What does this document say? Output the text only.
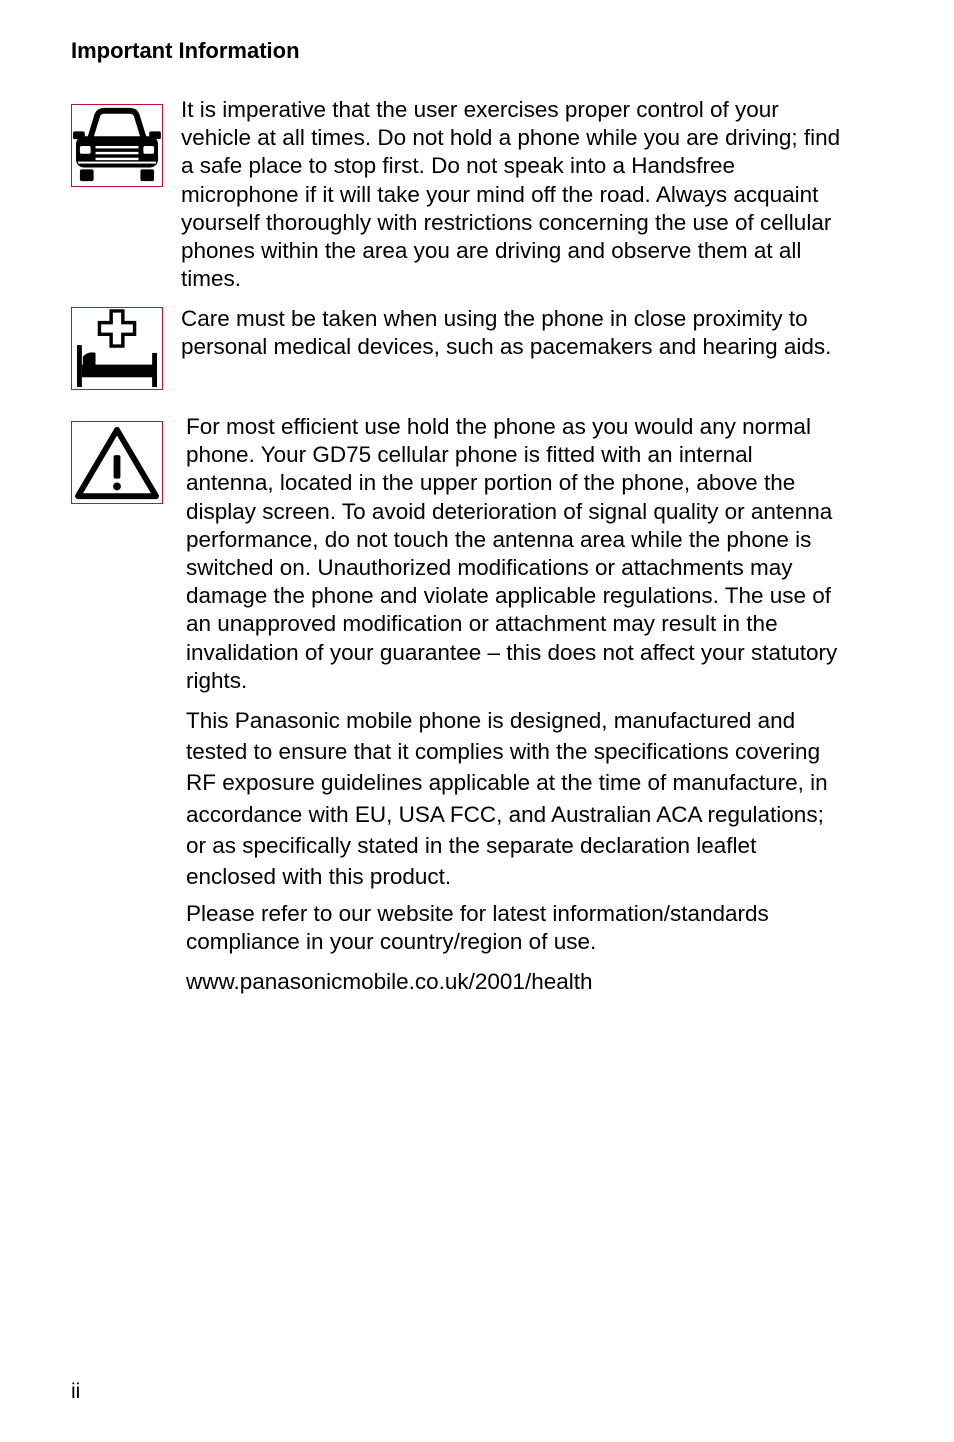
Important Information

It is imperative that the user exercises proper control of your vehicle at all times. Do not hold a phone while you are driving; find a safe place to stop first. Do not speak into a Handsfree microphone if it will take your mind off the road. Always acquaint yourself thoroughly with restrictions concerning the use of cellular phones within the area you are driving and observe them at all times.

Care must be taken when using the phone in close proximity to personal medical devices, such as pacemakers and hearing aids.

For most efficient use hold the phone as you would any normal phone. Your GD75 cellular phone is fitted with an internal antenna, located in the upper portion of the phone, above the display screen. To avoid deterioration of signal quality or antenna performance, do not touch the antenna area while the phone is switched on. Unauthorized modifications or attachments may damage the phone and violate applicable regulations. The use of an unapproved modification or attachment may result in the invalidation of your guarantee – this does not affect your statutory rights.

This Panasonic mobile phone is designed, manufactured and tested to ensure that it complies with the specifications covering RF exposure guidelines applicable at the time of manufacture, in accordance with EU, USA FCC, and Australian ACA regulations; or as specifically stated in the separate declaration leaflet enclosed with this product.

Please refer to our website for latest information/standards compliance in your country/region of use.

www.panasonicmobile.co.uk/2001/health

ii
